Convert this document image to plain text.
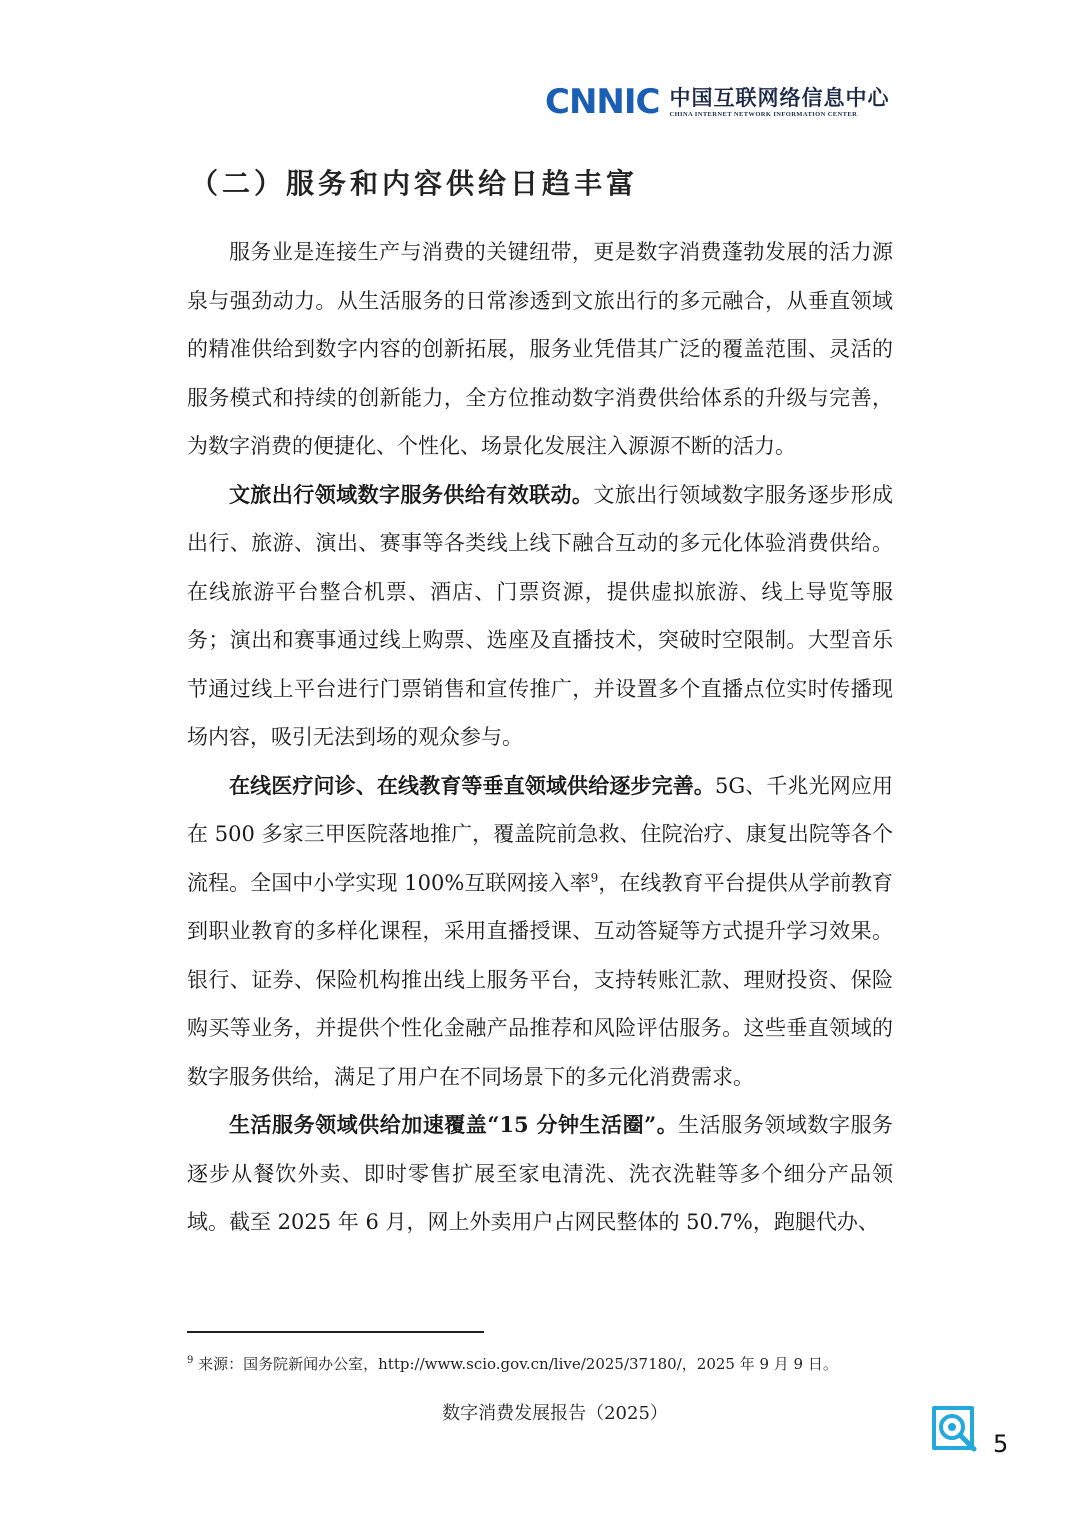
CNNIC 中国互联网络信息中心
CHINA INTERNET NETWORK INFORMATION CENTER
（二）服务和内容供给日趋丰富

服务业是连接生产与消费的关键纽带，更是数字消费蓬勃发展的活力源泉与强劲动力。从生活服务的日常渗透到文旅出行的多元融合，从垂直领域的精准供给到数字内容的创新拓展，服务业凭借其广泛的覆盖范围、灵活的服务模式和持续的创新能力，全方位推动数字消费供给体系的升级与完善，为数字消费的便捷化、个性化、场景化发展注入源源不断的活力。

文旅出行领域数字服务供给有效联动。文旅出行领域数字服务逐步形成出行、旅游、演出、赛事等各类线上线下融合互动的多元化体验消费供给。在线旅游平台整合机票、酒店、门票资源，提供虚拟旅游、线上导览等服务；演出和赛事通过线上购票、选座及直播技术，突破时空限制。大型音乐节通过线上平台进行门票销售和宣传推广，并设置多个直播点位实时传播现场内容，吸引无法到场的观众参与。

在线医疗问诊、在线教育等垂直领域供给逐步完善。5G、千兆光网应用在 500 多家三甲医院落地推广，覆盖院前急救、住院治疗、康复出院等各个流程。全国中小学实现 100%互联网接入率$^9$，在线教育平台提供从学前教育到职业教育的多样化课程，采用直播授课、互动答疑等方式提升学习效果。银行、证券、保险机构推出线上服务平台，支持转账汇款、理财投资、保险购买等业务，并提供个性化金融产品推荐和风险评估服务。这些垂直领域的数字服务供给，满足了用户在不同场景下的多元化消费需求。

生活服务领域供给加速覆盖“15 分钟生活圈”。生活服务领域数字服务逐步从餐饮外卖、即时零售扩展至家电清洗、洗衣洗鞋等多个细分产品领域。截至 2025 年 6 月，网上外卖用户占网民整体的 50.7%，跑腿代办、

$^9$ 来源：国务院新闻办公室，http://www.scio.gov.cn/live/2025/37180/，2025 年 9 月 9 日。
数字消费发展报告（2025）
5
